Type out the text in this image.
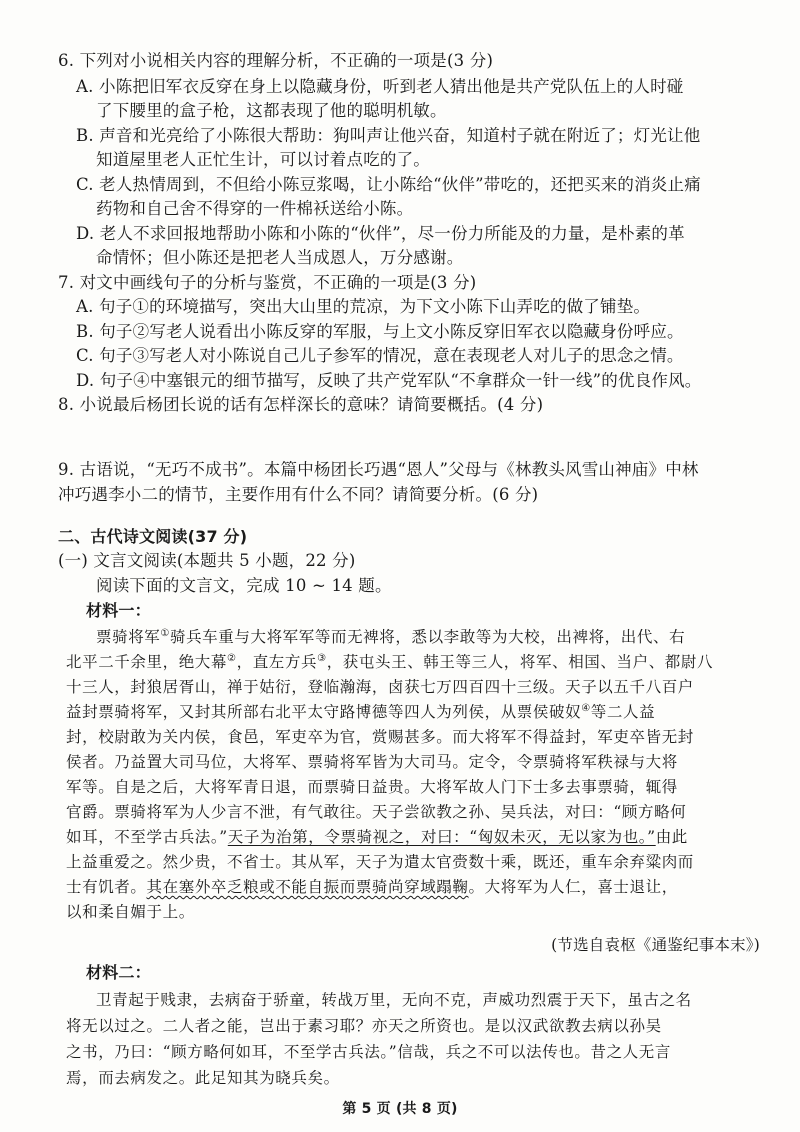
6. 下列对小说相关内容的理解分析，不正确的一项是(3 分)
A. 小陈把旧军衣反穿在身上以隐藏身份，听到老人猜出他是共产党队伍上的人时碰
了下腰里的盒子枪，这都表现了他的聪明机敏。
B. 声音和光亮给了小陈很大帮助：狗叫声让他兴奋，知道村子就在附近了；灯光让他
知道屋里老人正忙生计，可以讨着点吃的了。
C. 老人热情周到，不但给小陈豆浆喝，让小陈给“伙伴”带吃的，还把买来的消炎止痛
药物和自己舍不得穿的一件棉袄送给小陈。
D. 老人不求回报地帮助小陈和小陈的“伙伴”，尽一份力所能及的力量，是朴素的革
命情怀；但小陈还是把老人当成恩人，万分感谢。
7. 对文中画线句子的分析与鉴赏，不正确的一项是(3 分)
A. 句子①的环境描写，突出大山里的荒凉，为下文小陈下山弄吃的做了铺垫。
B. 句子②写老人说看出小陈反穿的军服，与上文小陈反穿旧军衣以隐藏身份呼应。
C. 句子③写老人对小陈说自己儿子参军的情况，意在表现老人对儿子的思念之情。
D. 句子④中塞银元的细节描写，反映了共产党军队“不拿群众一针一线”的优良作风。
8. 小说最后杨团长说的话有怎样深长的意味？请简要概括。(4 分)
9. 古语说，“无巧不成书”。本篇中杨团长巧遇“恩人”父母与《林教头风雪山神庙》中林
冲巧遇李小二的情节，主要作用有什么不同？请简要分析。(6 分)
二、古代诗文阅读(37 分)
(一) 文言文阅读(本题共 5 小题，22 分)
阅读下面的文言文，完成 10 ~ 14 题。
材料一：
票骑将军①骑兵车重与大将军军等而无裨将，悉以李敢等为大校，出裨将，出代、右
北平二千余里，绝大幕②，直左方兵③，获屯头王、韩王等三人，将军、相国、当户、都尉八
十三人，封狼居胥山，禅于姑衍，登临瀚海，卤获七万四百四十三级。天子以五千八百户
益封票骑将军，又封其所部右北平太守路博德等四人为列侯，从票侯破奴④等二人益
封，校尉敢为关内侯，食邑，军吏卒为官，赏赐甚多。而大将军不得益封，军吏卒皆无封
侯者。乃益置大司马位，大将军、票骑将军皆为大司马。定令，令票骑将军秩禄与大将
军等。自是之后，大将军青日退，而票骑日益贵。大将军故人门下士多去事票骑，辄得
官爵。票骑将军为人少言不泄，有气敢往。天子尝欲教之孙、吴兵法，对曰：“顾方略何
如耳，不至学古兵法。”天子为治第，令票骑视之，对曰：“匈奴未灭，无以家为也。”由此
上益重爱之。然少贵，不省士。其从军，天子为遣太官赍数十乘，既还，重车余弃粱肉而
士有饥者。其在塞外卒乏粮或不能自振而票骑尚穿域蹋鞠。大将军为人仁，喜士退让，
以和柔自媚于上。
(节选自袁枢《通鉴纪事本末》)
材料二：
卫青起于贱隶，去病奋于骄童，转战万里，无向不克，声威功烈震于天下，虽古之名
将无以过之。二人者之能，岂出于素习耶？亦天之所资也。是以汉武欲教去病以孙吴
之书，乃曰：“顾方略何如耳，不至学古兵法。”信哉，兵之不可以法传也。昔之人无言
焉，而去病发之。此足知其为晓兵矣。
第 5 页 (共 8 页)
